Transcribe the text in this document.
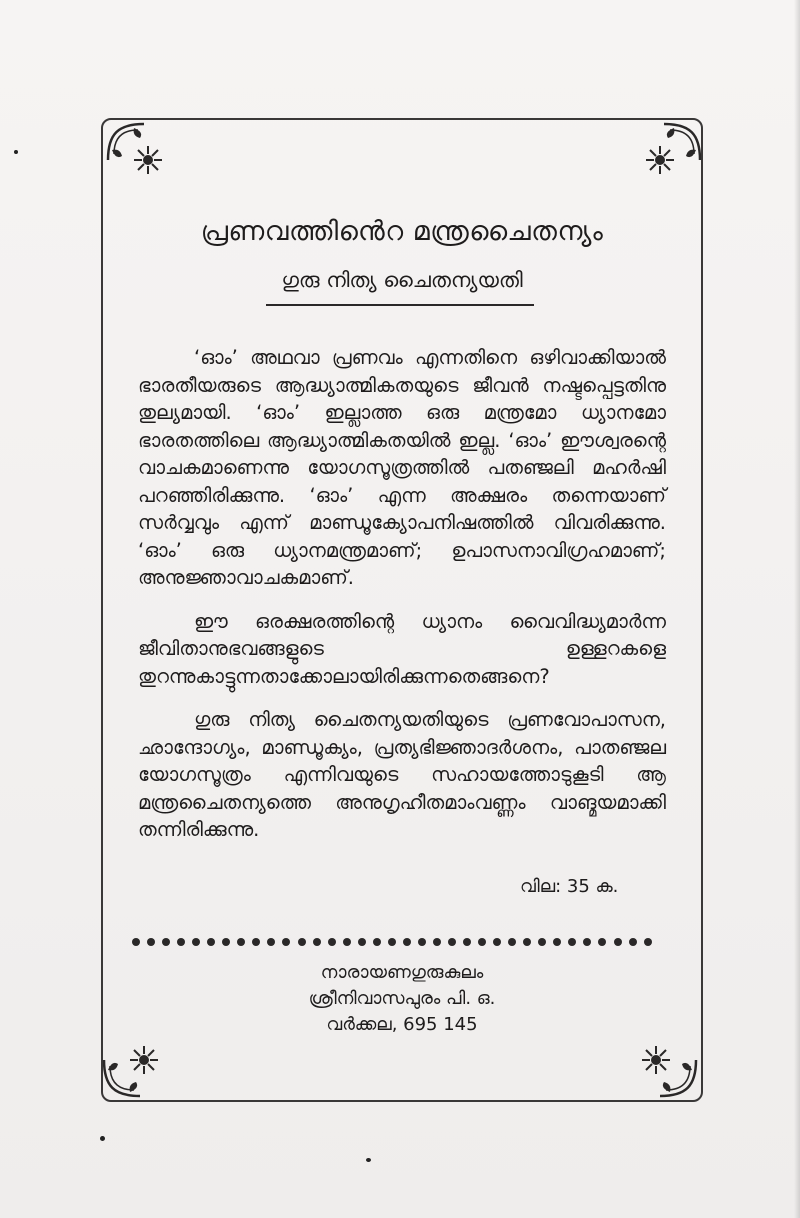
പ്രണവത്തിൻെറ മന്ത്രചൈതന്യം
ഗുരു നിത്യ ചൈതന്യയതി

‘ഓം’ അഥവാ പ്രണവം എന്നതിനെ ഒഴിവാക്കിയാൽ ഭാരതീയരുടെ ആദ്ധ്യാത്മികതയുടെ ജീവൻ നഷ്ടപ്പെട്ടതിനു തുല്യമായി. ‘ഓം’ ഇല്ലാത്ത ഒരു മന്ത്രമോ ധ്യാനമോ ഭാരതത്തിലെ ആദ്ധ്യാത്മികതയിൽ ഇല്ല. ‘ഓം’ ഈശ്വരന്റെ വാചകമാണെന്നു യോഗസൂത്രത്തിൽ പതഞ്ജലി മഹർഷി പറഞ്ഞിരിക്കുന്നു. ‘ഓം’ എന്ന അക്ഷരം തന്നെയാണ് സർവ്വവും എന്ന് മാണ്ഡൂക്യോപനിഷത്തിൽ വിവരിക്കുന്നു. ‘ഓം’ ഒരു ധ്യാനമന്ത്രമാണ്; ഉപാസനാവിഗ്രഹമാണ്; അനുജ്ഞാവാചകമാണ്.

ഈ ഒരക്ഷരത്തിന്റെ ധ്യാനം വൈവിദ്ധ്യമാർന്ന ജീവിതാനുഭവങ്ങളുടെ ഉള്ളറകളെ തുറന്നുകാട്ടുന്നതാക്കോലായിരിക്കുന്നതെങ്ങനെ?

ഗുരു നിത്യ ചൈതന്യയതിയുടെ പ്രണവോപാസന, ഛാന്ദോഗ്യം, മാണ്ഡൂക്യം, പ്രത്യഭിജ്ഞാദർശനം, പാതഞ്ജല യോഗസൂത്രം എന്നിവയുടെ സഹായത്തോടുകൂടി ആ മന്ത്രചൈതന്യത്തെ അനുഗൃഹീതമാംവണ്ണം വാങ്മയമാക്കി തന്നിരിക്കുന്നു.

വില: 35 ക.
നാരായണഗുരുകുലം
ശ്രീനിവാസപുരം പി. ഒ.
വർക്കല, 695 145
